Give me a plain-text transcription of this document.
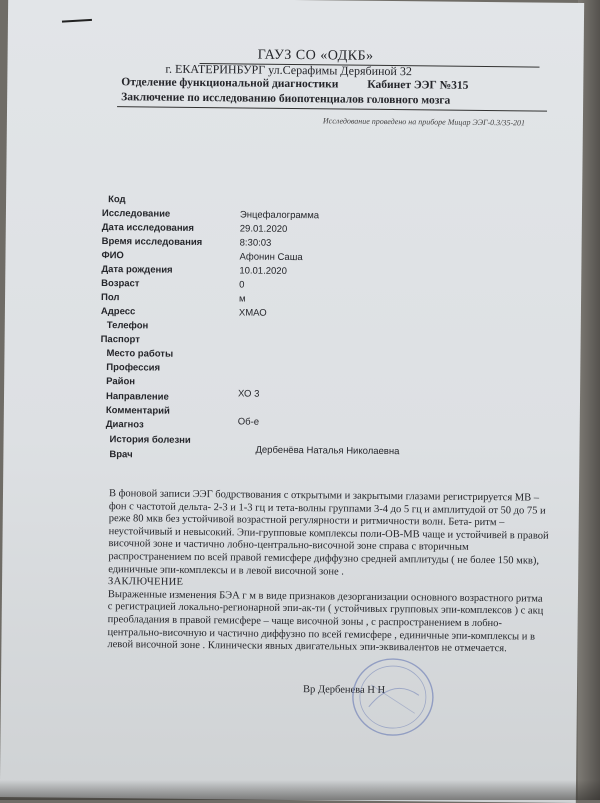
ГАУЗ СО «ОДКБ»
г. ЕКАТЕРИНБУРГ ул.Серафимы Дерябиной 32
Отделение функциональной диагностики Кабинет ЭЭГ №315
Заключение по исследованию биопотенциалов головного мозга
Исследование проведено на приборе Мицар ЭЭГ-0.3/35-201
Код
Исследование	Энцефалограмма
Дата исследования	29.01.2020
Время исследования	8:30:03
ФИО	Афонин Саша
Дата рождения	10.01.2020
Возраст	0
Пол	м
Адресс	ХМАО
Телефон
Паспорт
Место работы
Профессия
Район
Направление	ХО 3
Комментарий
Диагноз	Об-е
История болезни
Врач	Дербенёва Наталья Николаевна

В фоновой записи ЭЭГ бодрствования с открытыми и закрытыми глазами регистрируется МВ – фон с частотой дельта- 2-3 и 1-3 гц и тета-волны группами 3-4 до 5 гц и амплитудой от 50 до 75 и реже 80 мкв без устойчивой возрастной регулярности и ритмичности волн. Бета- ритм – неустойчивый и невысокий. Эпи-групповые комплексы поли-ОВ-МВ чаще и устойчивей в правой височной зоне и частично лобно-центрально-височной зоне справа с вторичным распространением по всей правой гемисфере диффузно средней амплитуды ( не более 150 мкв), единичные эпи-комплексы и в левой височной зоне .

ЗАКЛЮЧЕНИЕ

Выраженные изменения БЭА г м в виде признаков дезорганизации основного возрастного ритма с регистрацией локально-регионарной эпи-ак-ти ( устойчивых групповых эпи-комплексов ) с акц преобладания в правой гемисфере – чаще височной зоны , с распространением в лобно-центрально-височную и частично диффузно по всей гемисфере , единичные эпи-комплексы и в левой височной зоне . Клинически явных двигательных эпи-эквивалентов не отмечается.

Вр Дербенева Н Н
